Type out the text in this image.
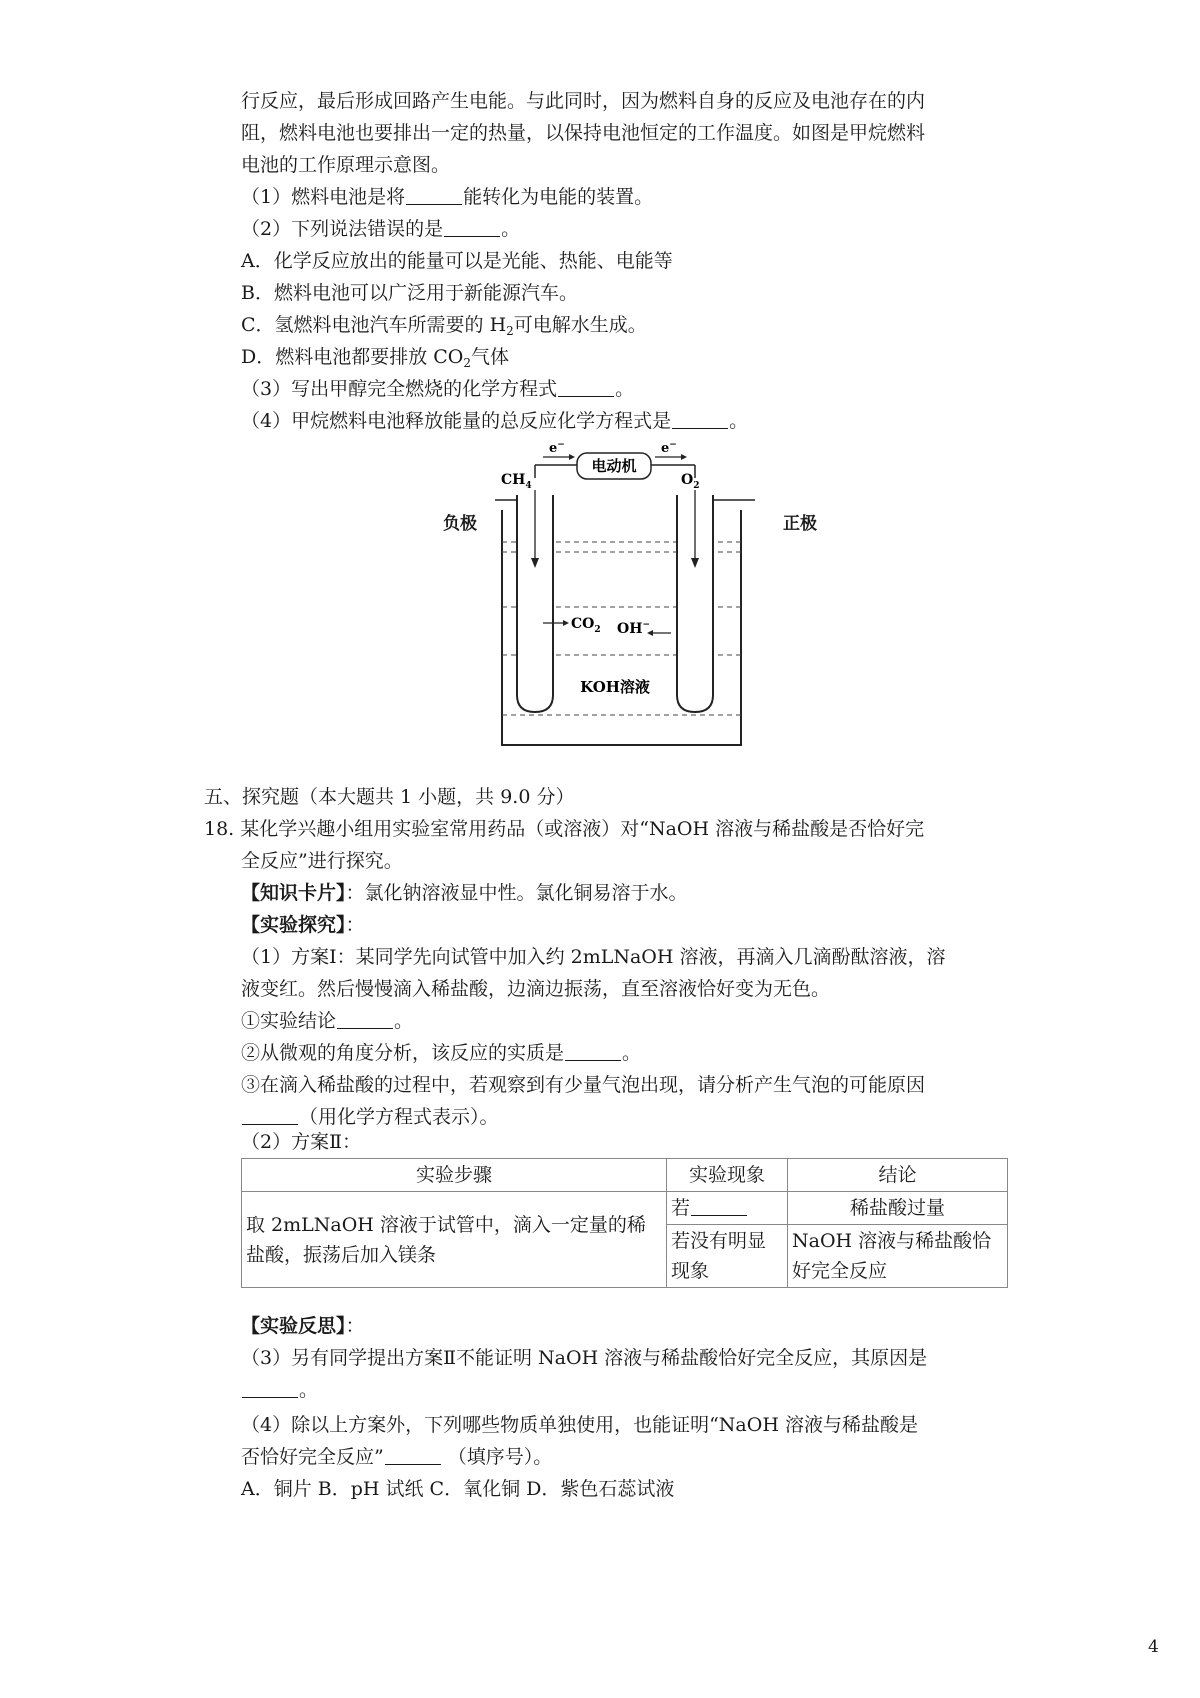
行反应，最后形成回路产生电能。与此同时，因为燃料自身的反应及电池存在的内
阻，燃料电池也要排出一定的热量，以保持电池恒定的工作温度。如图是甲烷燃料
电池的工作原理示意图。
（1）燃料电池是将	能转化为电能的装置。
（2）下列说法错误的是	。
A．化学反应放出的能量可以是光能、热能、电能等
B．燃料电池可以广泛用于新能源汽车。
C．氢燃料电池汽车所需要的 $H_2$可电解水生成。
D．燃料电池都要排放 $CO_2$气体
（3）写出甲醇完全燃烧的化学方程式	。
（4）甲烷燃料电池释放能量的总反应化学方程式是	。
电动机
e−	e−
$CH_4$	$O_2$
$CO_2$ OH−
KOH溶液
负极	正极
五、探究题（本大题共 1 小题，共 9.0 分）
18. 某化学兴趣小组用实验室常用药品（或溶液）对“NaOH 溶液与稀盐酸是否恰好完
全反应”进行探究。
【知识卡片】：氯化钠溶液显中性。氯化铜易溶于水。
【实验探究】：
（1）方案Ⅰ：某同学先向试管中加入约 2mLNaOH 溶液，再滴入几滴酚酞溶液，溶
液变红。然后慢慢滴入稀盐酸，边滴边振荡，直至溶液恰好变为无色。
①实验结论	。
②从微观的角度分析，该反应的实质是	。
③在滴入稀盐酸的过程中，若观察到有少量气泡出现，请分析产生气泡的可能原因
（用化学方程式表示）。
（2）方案Ⅱ：
实验步骤	实验现象	结论
取 2mLNaOH 溶液于试管中，滴入一定量的稀盐酸，振荡后加入镁条	若	稀盐酸过量
	若没有明显现象	NaOH 溶液与稀盐酸恰好完全反应
【实验反思】：
（3）另有同学提出方案Ⅱ不能证明 NaOH 溶液与稀盐酸恰好完全反应，其原因是
。
（4）除以上方案外，下列哪些物质单独使用，也能证明“NaOH 溶液与稀盐酸是
否恰好完全反应”	（填序号）。
A．铜片 B．pH 试纸 C．氧化铜 D．紫色石蕊试液
4
